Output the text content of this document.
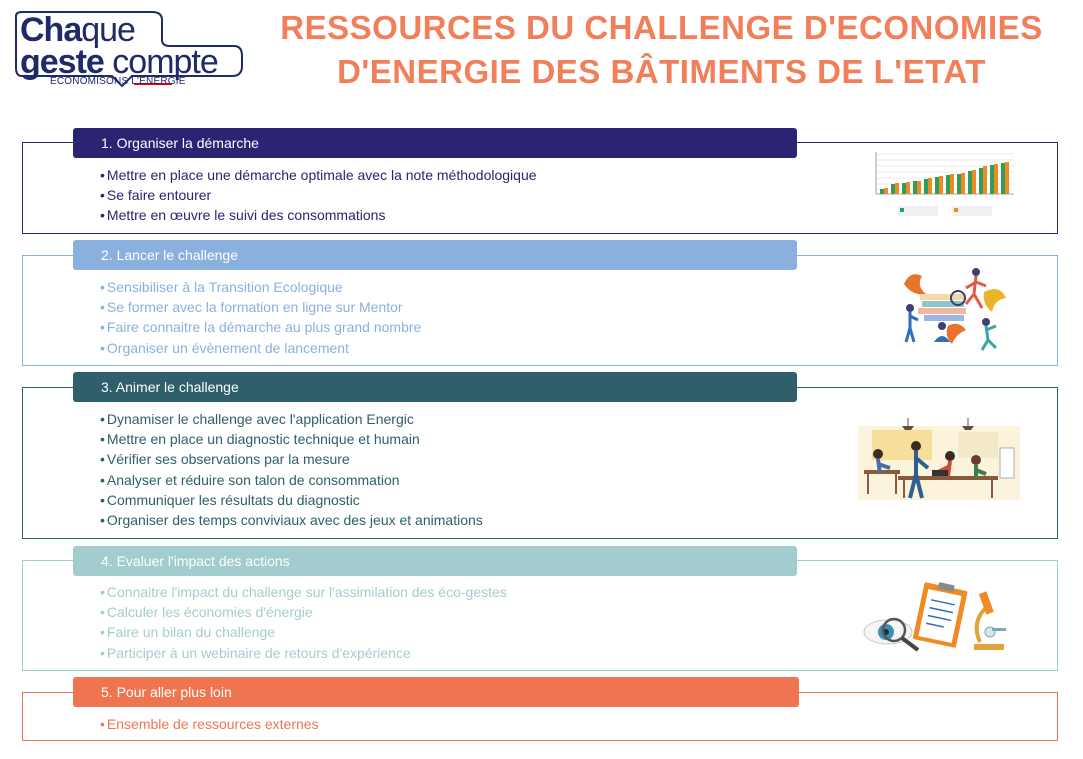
Chaque
geste compte
ÉCONOMISONS L'ÉNERGIE
RESSOURCES DU CHALLENGE D'ECONOMIES
D'ENERGIE DES BÂTIMENTS DE L'ETAT
1. Organiser la démarche
• Mettre en place une démarche optimale avec la note méthodologique
• Se faire entourer
• Mettre en œuvre le suivi des consommations
2. Lancer le challenge
• Sensibiliser à la Transition Ecologique
• Se former avec la formation en ligne sur Mentor
• Faire connaitre la démarche au plus grand nombre
• Organiser un évènement de lancement
3. Animer le challenge
• Dynamiser le challenge avec l'application Energic
• Mettre en place un diagnostic technique et humain
• Vérifier ses observations par la mesure
• Analyser et réduire son talon de consommation
• Communiquer les résultats du diagnostic
• Organiser des temps conviviaux avec des jeux et animations
4. Evaluer l'impact des actions
• Connaitre l'impact du challenge sur l'assimilation des éco-gestes
• Calculer les économies d'énergie
• Faire un bilan du challenge
• Participer à un webinaire de retours d'expérience
5. Pour aller plus loin
• Ensemble de ressources externes
